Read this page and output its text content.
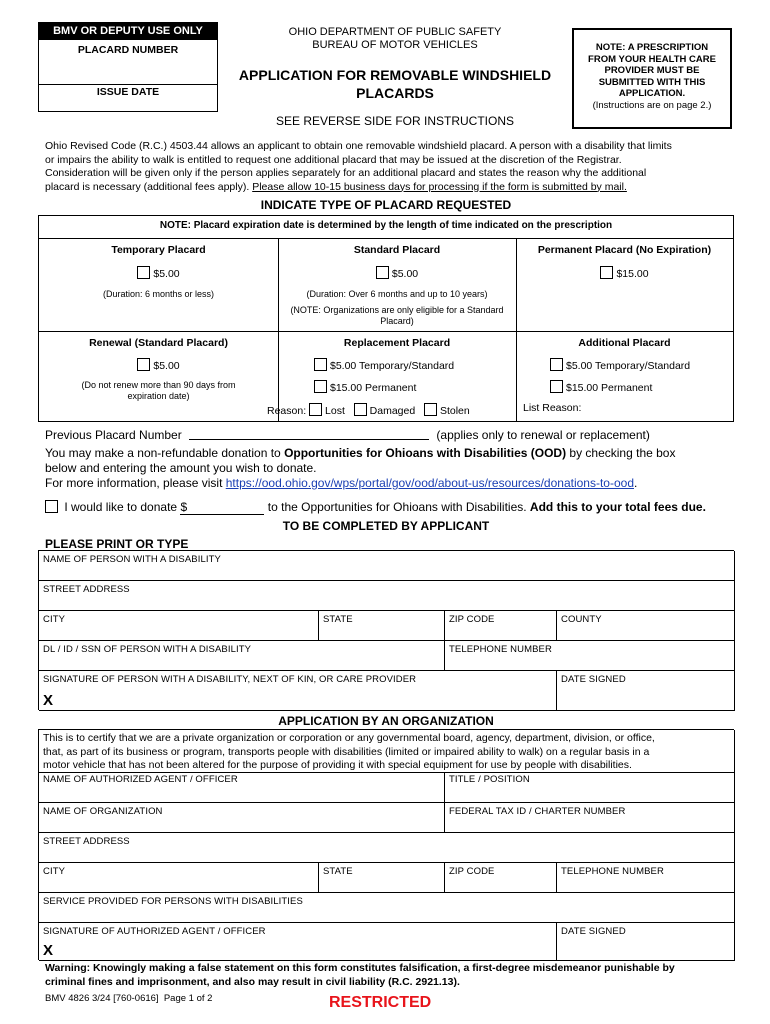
BMV OR DEPUTY USE ONLY
PLACARD NUMBER
ISSUE DATE
OHIO DEPARTMENT OF PUBLIC SAFETY
BUREAU OF MOTOR VEHICLES
APPLICATION FOR REMOVABLE WINDSHIELD
PLACARDS
SEE REVERSE SIDE FOR INSTRUCTIONS
NOTE: A PRESCRIPTION
FROM YOUR HEALTH CARE
PROVIDER MUST BE
SUBMITTED WITH THIS
APPLICATION.
(Instructions are on page 2.)
Ohio Revised Code (R.C.) 4503.44 allows an applicant to obtain one removable windshield placard. A person with a disability that limits
or impairs the ability to walk is entitled to request one additional placard that may be issued at the discretion of the Registrar.
Consideration will be given only if the person applies separately for an additional placard and states the reason why the additional
placard is necessary (additional fees apply). Please allow 10-15 business days for processing if the form is submitted by mail.
INDICATE TYPE OF PLACARD REQUESTED
NOTE: Placard expiration date is determined by the length of time indicated on the prescription
Temporary Placard
$5.00
(Duration: 6 months or less)
Standard Placard
$5.00
(Duration: Over 6 months and up to 10 years)
(NOTE: Organizations are only eligible for a Standard
Placard)
Permanent Placard (No Expiration)
$15.00
Renewal (Standard Placard)
$5.00
(Do not renew more than 90 days from
expiration date)
Replacement Placard
$5.00 Temporary/Standard
$15.00 Permanent
Reason: Lost Damaged Stolen
Additional Placard
$5.00 Temporary/Standard
$15.00 Permanent
List Reason:
Previous Placard Number	(applies only to renewal or replacement)
You may make a non-refundable donation to Opportunities for Ohioans with Disabilities (OOD) by checking the box
below and entering the amount you wish to donate.
For more information, please visit https://ood.ohio.gov/wps/portal/gov/ood/about-us/resources/donations-to-ood.
I would like to donate $	to the Opportunities for Ohioans with Disabilities. Add this to your total fees due.
TO BE COMPLETED BY APPLICANT
PLEASE PRINT OR TYPE
NAME OF PERSON WITH A DISABILITY
STREET ADDRESS
CITY	STATE	ZIP CODE	COUNTY
DL / ID / SSN OF PERSON WITH A DISABILITY	TELEPHONE NUMBER
SIGNATURE OF PERSON WITH A DISABILITY, NEXT OF KIN, OR CARE PROVIDER
X
DATE SIGNED
APPLICATION BY AN ORGANIZATION
This is to certify that we are a private organization or corporation or any governmental board, agency, department, division, or office,
that, as part of its business or program, transports people with disabilities (limited or impaired ability to walk) on a regular basis in a
motor vehicle that has not been altered for the purpose of providing it with special equipment for use by people with disabilities.
NAME OF AUTHORIZED AGENT / OFFICER	TITLE / POSITION
NAME OF ORGANIZATION	FEDERAL TAX ID / CHARTER NUMBER
STREET ADDRESS
CITY	STATE	ZIP CODE	TELEPHONE NUMBER
SERVICE PROVIDED FOR PERSONS WITH DISABILITIES
SIGNATURE OF AUTHORIZED AGENT / OFFICER
X
DATE SIGNED
Warning: Knowingly making a false statement on this form constitutes falsification, a first-degree misdemeanor punishable by
criminal fines and imprisonment, and also may result in civil liability (R.C. 2921.13).
BMV 4826 3/24 [760-0616] Page 1 of 2	RESTRICTED
